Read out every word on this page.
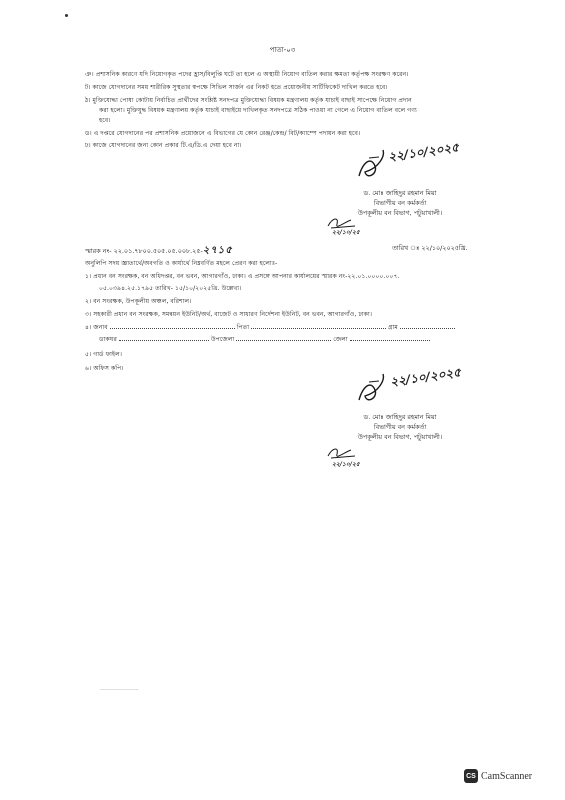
পাতা-০৩
ঞ। প্রশাসনিক কারণে যদি নিয়োগকৃত পদের হ্রাস/বিলুপ্তি ঘটে তা হলে এ অস্থায়ী নিয়োগ বাতিল করার ক্ষমতা কর্তৃপক্ষ সংরক্ষণ করেন।
ট। কাজে যোগদানের সময় শারীরিক সুস্থতার স্বপক্ষে সিভিল সার্জন এর নিকট হতে প্রয়োজনীয় সার্টিফিকেট দাখিল করতে হবে।
ঠ। মুক্তিযোদ্ধা পোষ্য কোটায় নির্বাচিত প্রার্থীদের সংশ্লিষ্ট সনদপত্র মুক্তিযোদ্ধা বিষয়ক মন্ত্রণালয় কর্তৃক যাচাই বাছাই সাপেক্ষে নিয়োগ প্রদান
করা হলো। মুক্তিযুদ্ধ বিষয়ক মন্ত্রণালয় কর্তৃক যাচাই বাছাইয়ে দাখিলকৃত সনদপত্রে সঠিক পাওয়া না গেলে এ নিয়োগ বাতিল বলে গণ্য
হবে।
ড। এ দপ্তরে যোগদানের পর প্রশাসনিক প্রয়োজনে এ বিভাগের যে কোন রেঞ্জ/কেন্দ্র/ বিট/ক্যাম্পে পদায়ন করা হবে।
ঢ। কাজে যোগদানের জন্য কোন প্রকার টি.এ/ডি.এ দেয়া হবে না।	২২/১০/২০২৫
ড. মোঃ জাহিদুর রহমান মিয়া
বিভাগীয় বন কর্মকর্তা
উপকূলীয় বন বিভাগ, পটুয়াখালী।
২২/১০/২৫
স্মারক নং- ২২.০১.৭৮০০.৫০৫.০৫.০০৮.২৫-২৭১৫	তারিখ ঃ ২২/১০/২০২৫খ্রি.
অনুলিপি সদয় জ্ঞাতার্থে/অবগতি ও কার্যার্থে নিম্নবর্ণিত মহলে প্রেরণ করা হলোঃ-
১। প্রধান বন সংরক্ষক, বন অধিদপ্তর, বন ভবন, আগারগাঁও, ঢাকা। এ প্রসঙ্গে আপনার কার্যালয়ের স্মারক নং-২২.০১.০০০০.০০৭.
০৫.০৩৯৪.২৫.১৭৯৫ তারিখ- ১৫/১০/২০২৫খ্রি. উল্লেখ্য।
২। বন সংরক্ষক, উপকূলীয় অঞ্চল, বরিশাল।
৩। সহকারী প্রধান বন সংরক্ষক, সমন্বয়ন ইউনিট/অর্থ, বাজেট ও সাধারণ নির্দেশনা ইউনিট, বন ভবন, আগারগাঁও, ঢাকা।
৪। জনাব	পিতা	গ্রাম
ডাকঘর	উপজেলা	জেলা
৫। গার্ড ফাইল।
৬। অফিস কপি।	২২/১০/২০২৫
ড. মোঃ জাহিদুর রহমান মিয়া
বিভাগীয় বন কর্মকর্তা
উপকূলীয় বন বিভাগ, পটুয়াখালী।
২২/১০/২৫
———————————
CS CamScanner
